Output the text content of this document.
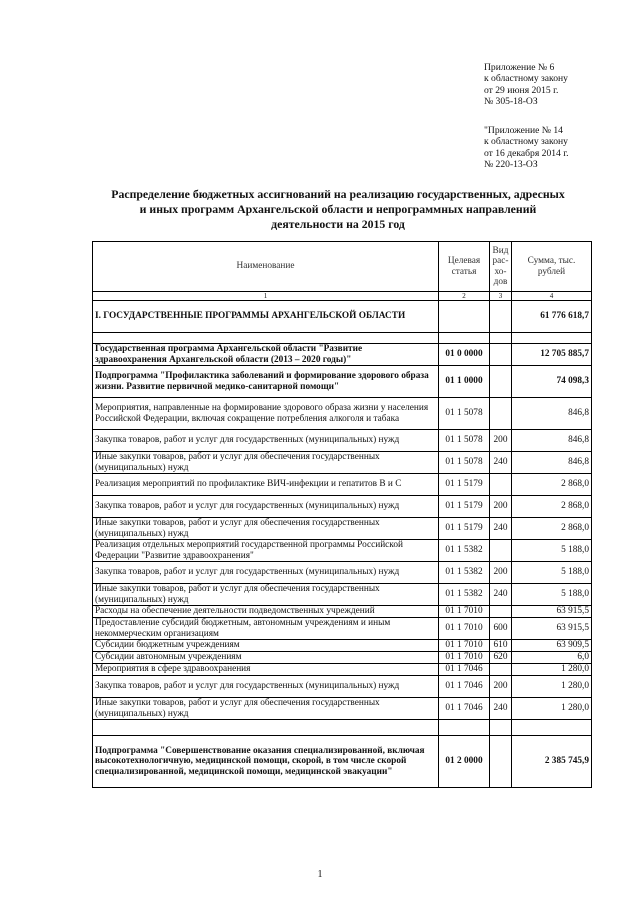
Приложение № 6
к областному закону
от 29 июня 2015 г.
№ 305-18-ОЗ
"Приложение № 14
к областному закону
от 16 декабря 2014 г.
№ 220-13-ОЗ
Распределение бюджетных ассигнований на реализацию государственных, адресных
и иных программ Архангельской области и непрограммных направлений
деятельности на 2015 год
Наименование	Целевая статья	Вид рас-хо-дов	Сумма, тыс. рублей
1	2	3	4
I. ГОСУДАРСТВЕННЫЕ ПРОГРАММЫ АРХАНГЕЛЬСКОЙ ОБЛАСТИ			61 776 618,7

Государственная программа Архангельской области "Развитие здравоохранения Архангельской области (2013 – 2020 годы)"	01 0 0000		12 705 885,7
Подпрограмма "Профилактика заболеваний и формирование здорового образа жизни. Развитие первичной медико-санитарной помощи"	01 1 0000		74 098,3
Мероприятия, направленные на формирование здорового образа жизни у населения Российской Федерации, включая сокращение потребления алкоголя и табака	01 1 5078		846,8
Закупка товаров, работ и услуг для государственных (муниципальных) нужд	01 1 5078	200	846,8
Иные закупки товаров, работ и услуг для обеспечения государственных (муниципальных) нужд	01 1 5078	240	846,8
Реализация мероприятий по профилактике ВИЧ-инфекции и гепатитов В и С	01 1 5179		2 868,0
Закупка товаров, работ и услуг для государственных (муниципальных) нужд	01 1 5179	200	2 868,0
Иные закупки товаров, работ и услуг для обеспечения государственных (муниципальных) нужд	01 1 5179	240	2 868,0
Реализация отдельных мероприятий государственной программы Российской Федерации "Развитие здравоохранения"	01 1 5382		5 188,0
Закупка товаров, работ и услуг для государственных (муниципальных) нужд	01 1 5382	200	5 188,0
Иные закупки товаров, работ и услуг для обеспечения государственных (муниципальных) нужд	01 1 5382	240	5 188,0
Расходы на обеспечение деятельности подведомственных учреждений	01 1 7010		63 915,5
Предоставление субсидий бюджетным, автономным учреждениям и иным некоммерческим организациям	01 1 7010	600	63 915,5
Субсидии бюджетным учреждениям	01 1 7010	610	63 909,5
Субсидии автономным учреждениям	01 1 7010	620	6,0
Мероприятия в сфере здравоохранения	01 1 7046		1 280,0
Закупка товаров, работ и услуг для государственных (муниципальных) нужд	01 1 7046	200	1 280,0
Иные закупки товаров, работ и услуг для обеспечения государственных (муниципальных) нужд	01 1 7046	240	1 280,0

Подпрограмма "Совершенствование оказания специализированной, включая высокотехнологичную, медицинской помощи, скорой, в том числе скорой специализированной, медицинской помощи, медицинской эвакуации"	01 2 0000		2 385 745,9
1
